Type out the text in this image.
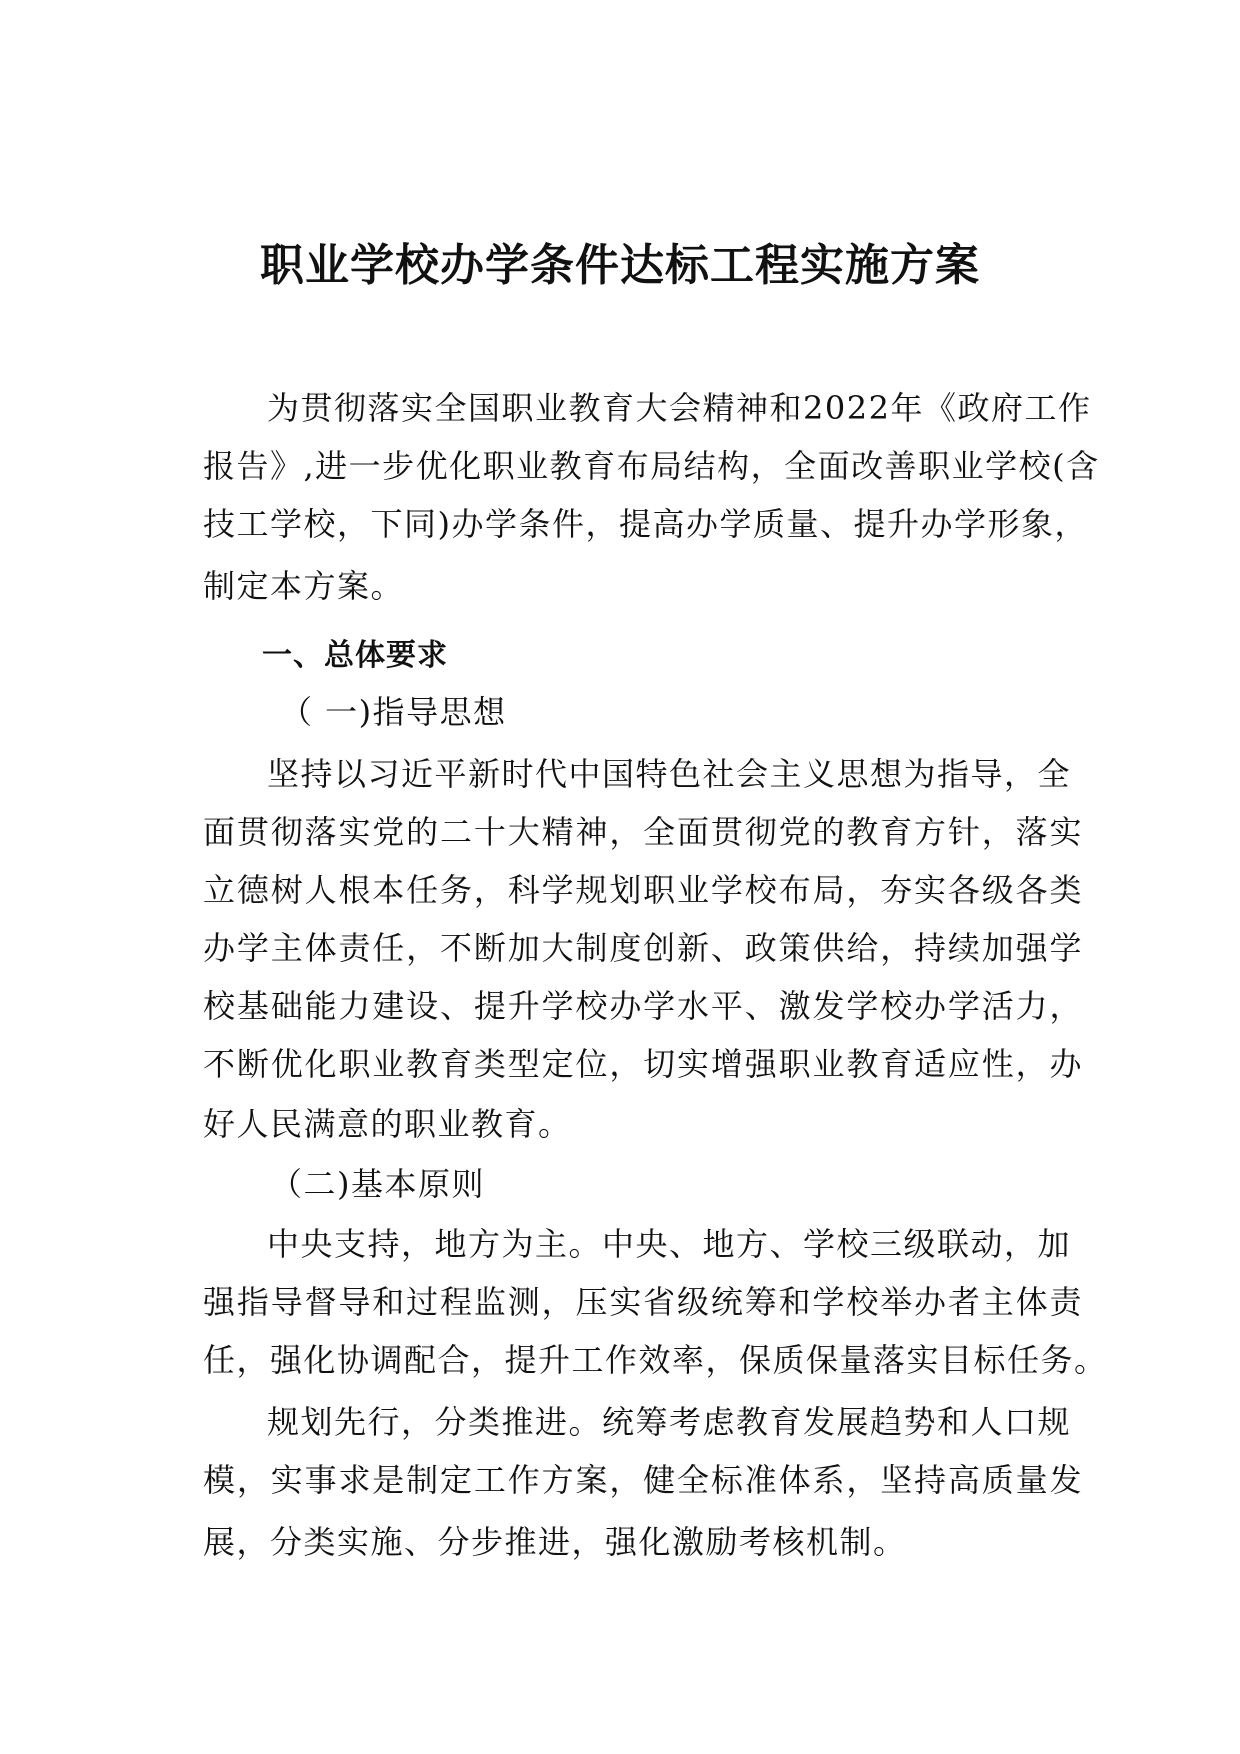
职业学校办学条件达标工程实施方案

为贯彻落实全国职业教育大会精神和2022年《政府工作

报告》,进一步优化职业教育布局结构，全面改善职业学校(含

技工学校，下同)办学条件，提高办学质量、提升办学形象，

制定本方案。

一、总体要求

（ 一)指导思想

坚持以习近平新时代中国特色社会主义思想为指导，全

面贯彻落实党的二十大精神，全面贯彻党的教育方针，落实

立德树人根本任务，科学规划职业学校布局，夯实各级各类

办学主体责任，不断加大制度创新、政策供给，持续加强学

校基础能力建设、提升学校办学水平、激发学校办学活力，

不断优化职业教育类型定位，切实增强职业教育适应性，办

好人民满意的职业教育。

（二)基本原则

中央支持，地方为主。中央、地方、学校三级联动，加

强指导督导和过程监测，压实省级统筹和学校举办者主体责

任，强化协调配合，提升工作效率，保质保量落实目标任务。

规划先行，分类推进。统筹考虑教育发展趋势和人口规

模，实事求是制定工作方案，健全标准体系，坚持高质量发

展，分类实施、分步推进，强化激励考核机制。
